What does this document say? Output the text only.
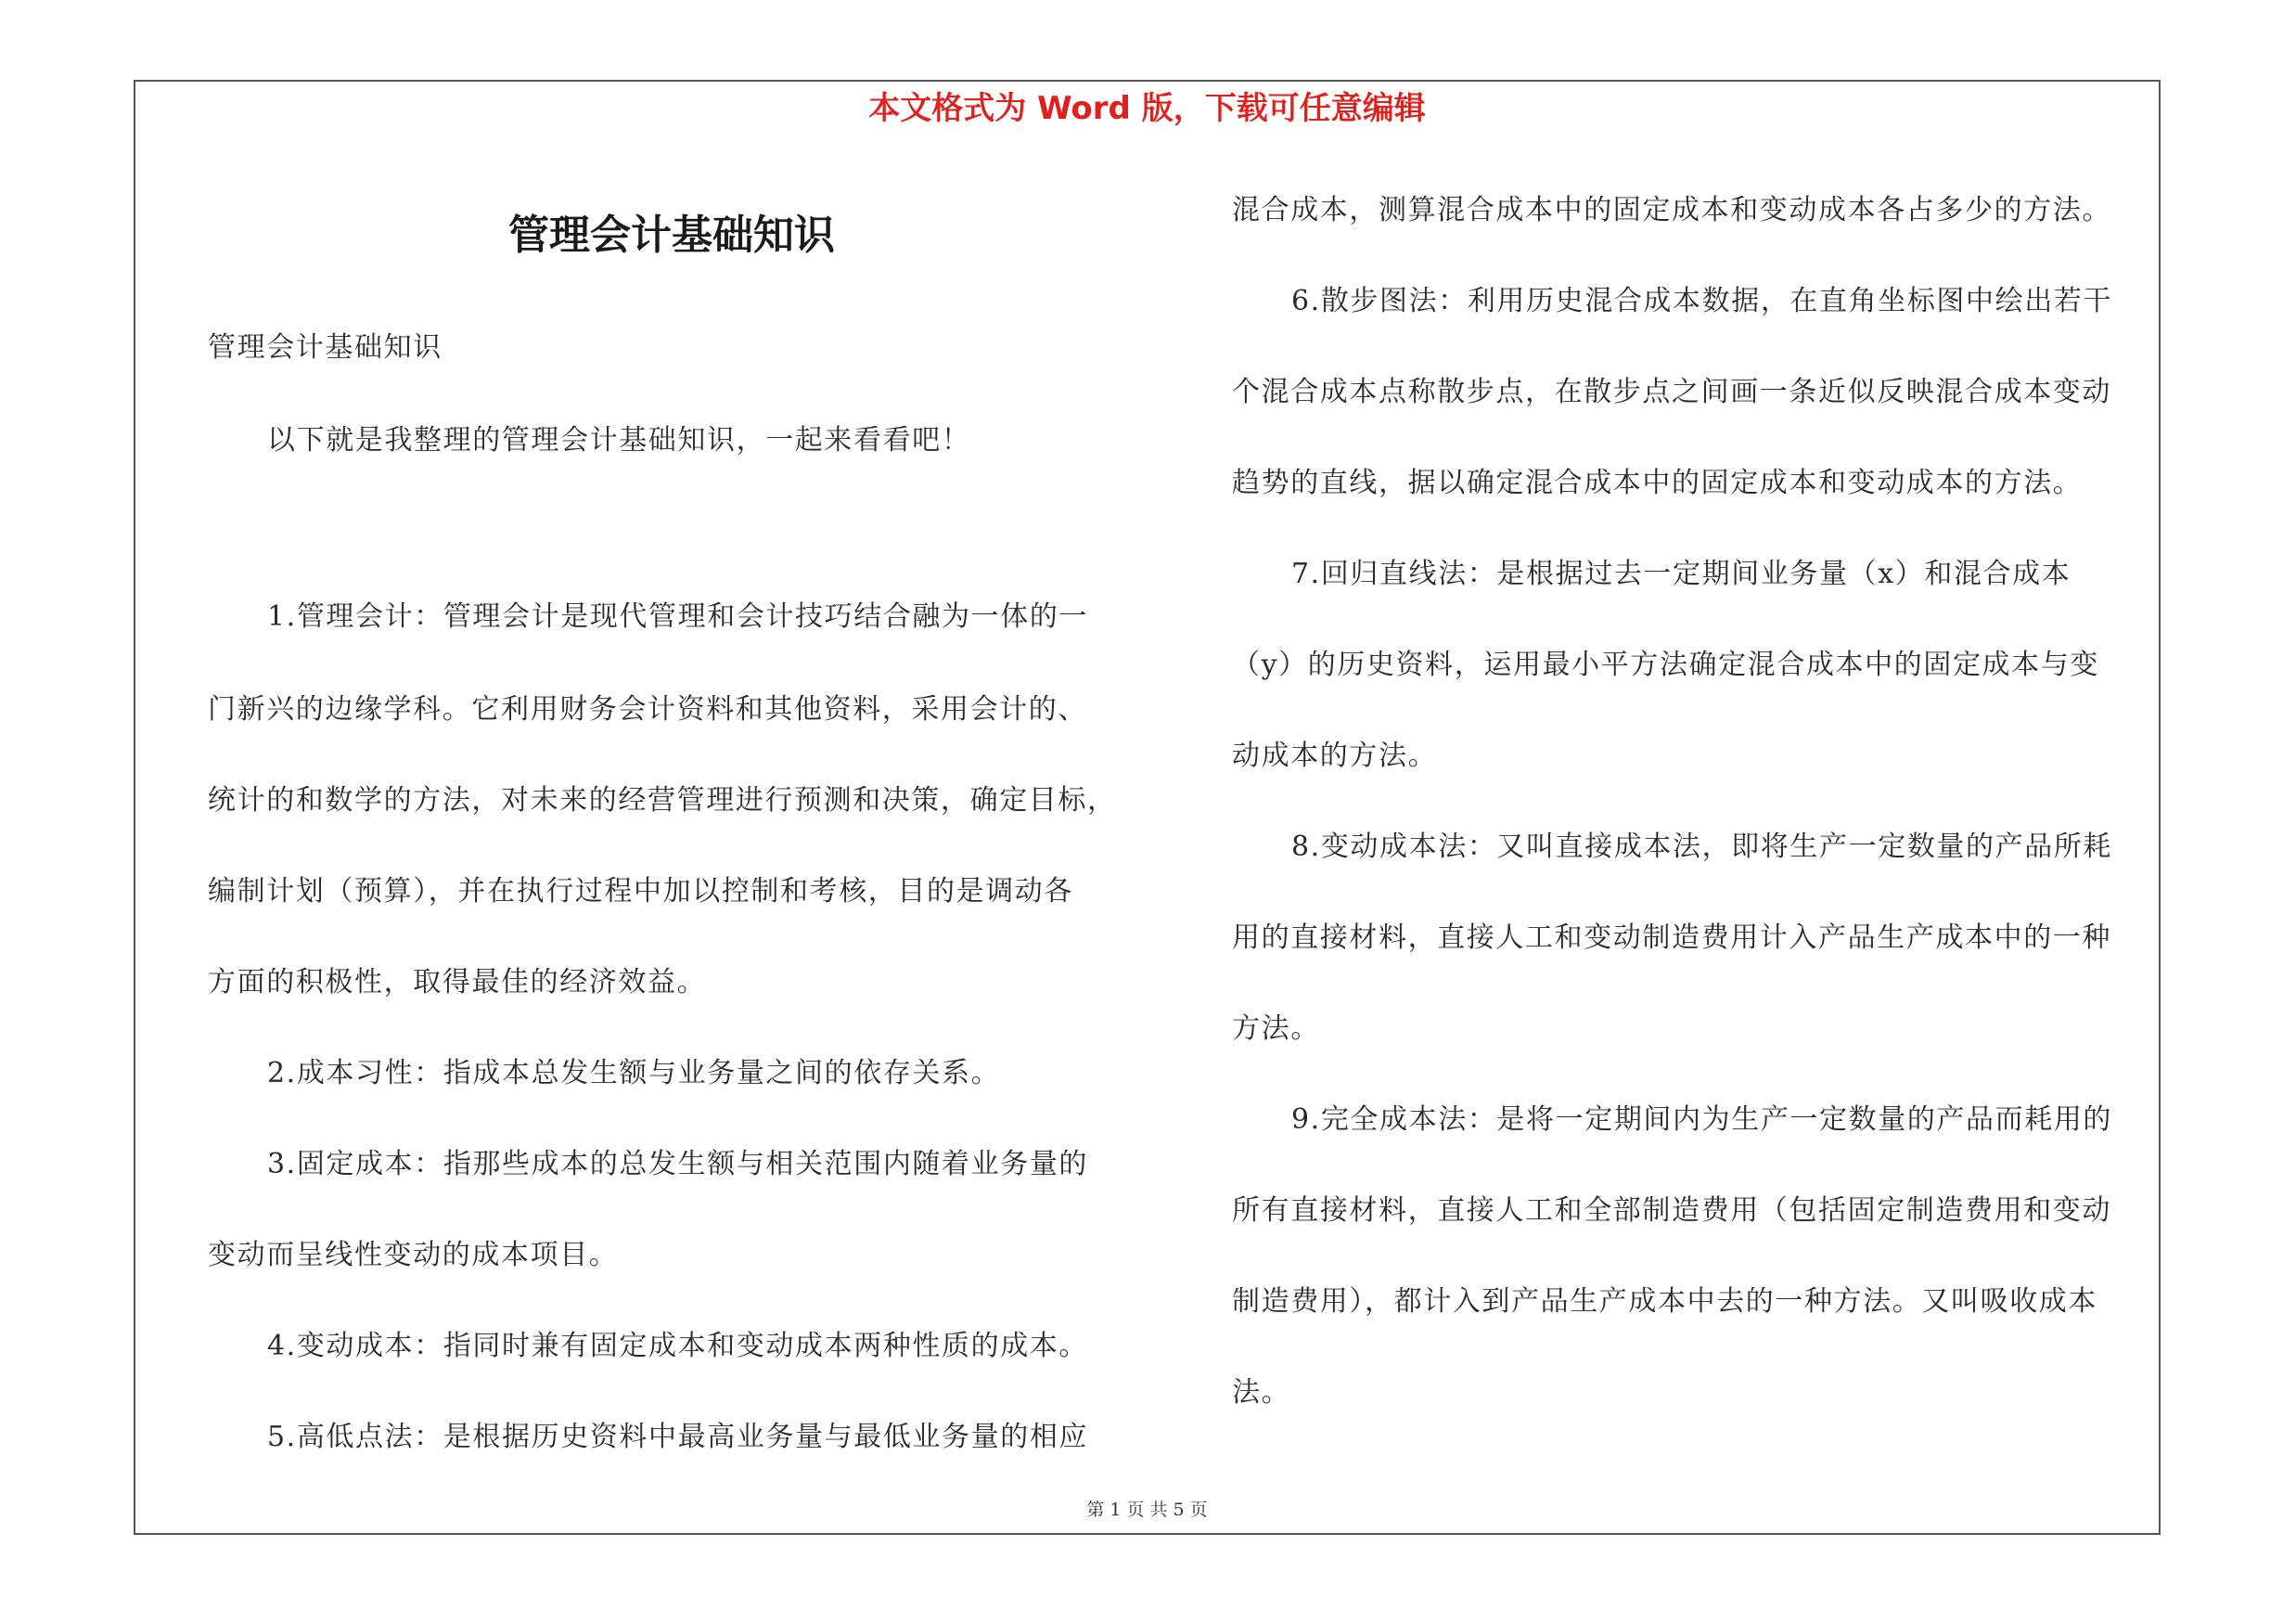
本文格式为 Word 版，下载可任意编辑
管理会计基础知识
管理会计基础知识
以下就是我整理的管理会计基础知识，一起来看看吧！
1.管理会计：管理会计是现代管理和会计技巧结合融为一体的一
门新兴的边缘学科。它利用财务会计资料和其他资料，采用会计的、
统计的和数学的方法，对未来的经营管理进行预测和决策，确定目标，
编制计划（预算），并在执行过程中加以控制和考核，目的是调动各
方面的积极性，取得最佳的经济效益。
2.成本习性：指成本总发生额与业务量之间的依存关系。
3.固定成本：指那些成本的总发生额与相关范围内随着业务量的
变动而呈线性变动的成本项目。
4.变动成本：指同时兼有固定成本和变动成本两种性质的成本。
5.高低点法：是根据历史资料中最高业务量与最低业务量的相应
混合成本，测算混合成本中的固定成本和变动成本各占多少的方法。
6.散步图法：利用历史混合成本数据，在直角坐标图中绘出若干
个混合成本点称散步点，在散步点之间画一条近似反映混合成本变动
趋势的直线，据以确定混合成本中的固定成本和变动成本的方法。
7.回归直线法：是根据过去一定期间业务量（x）和混合成本
（y）的历史资料，运用最小平方法确定混合成本中的固定成本与变
动成本的方法。
8.变动成本法：又叫直接成本法，即将生产一定数量的产品所耗
用的直接材料，直接人工和变动制造费用计入产品生产成本中的一种
方法。
9.完全成本法：是将一定期间内为生产一定数量的产品而耗用的
所有直接材料，直接人工和全部制造费用（包括固定制造费用和变动
制造费用），都计入到产品生产成本中去的一种方法。又叫吸收成本
法。
第 1 页 共 5 页
